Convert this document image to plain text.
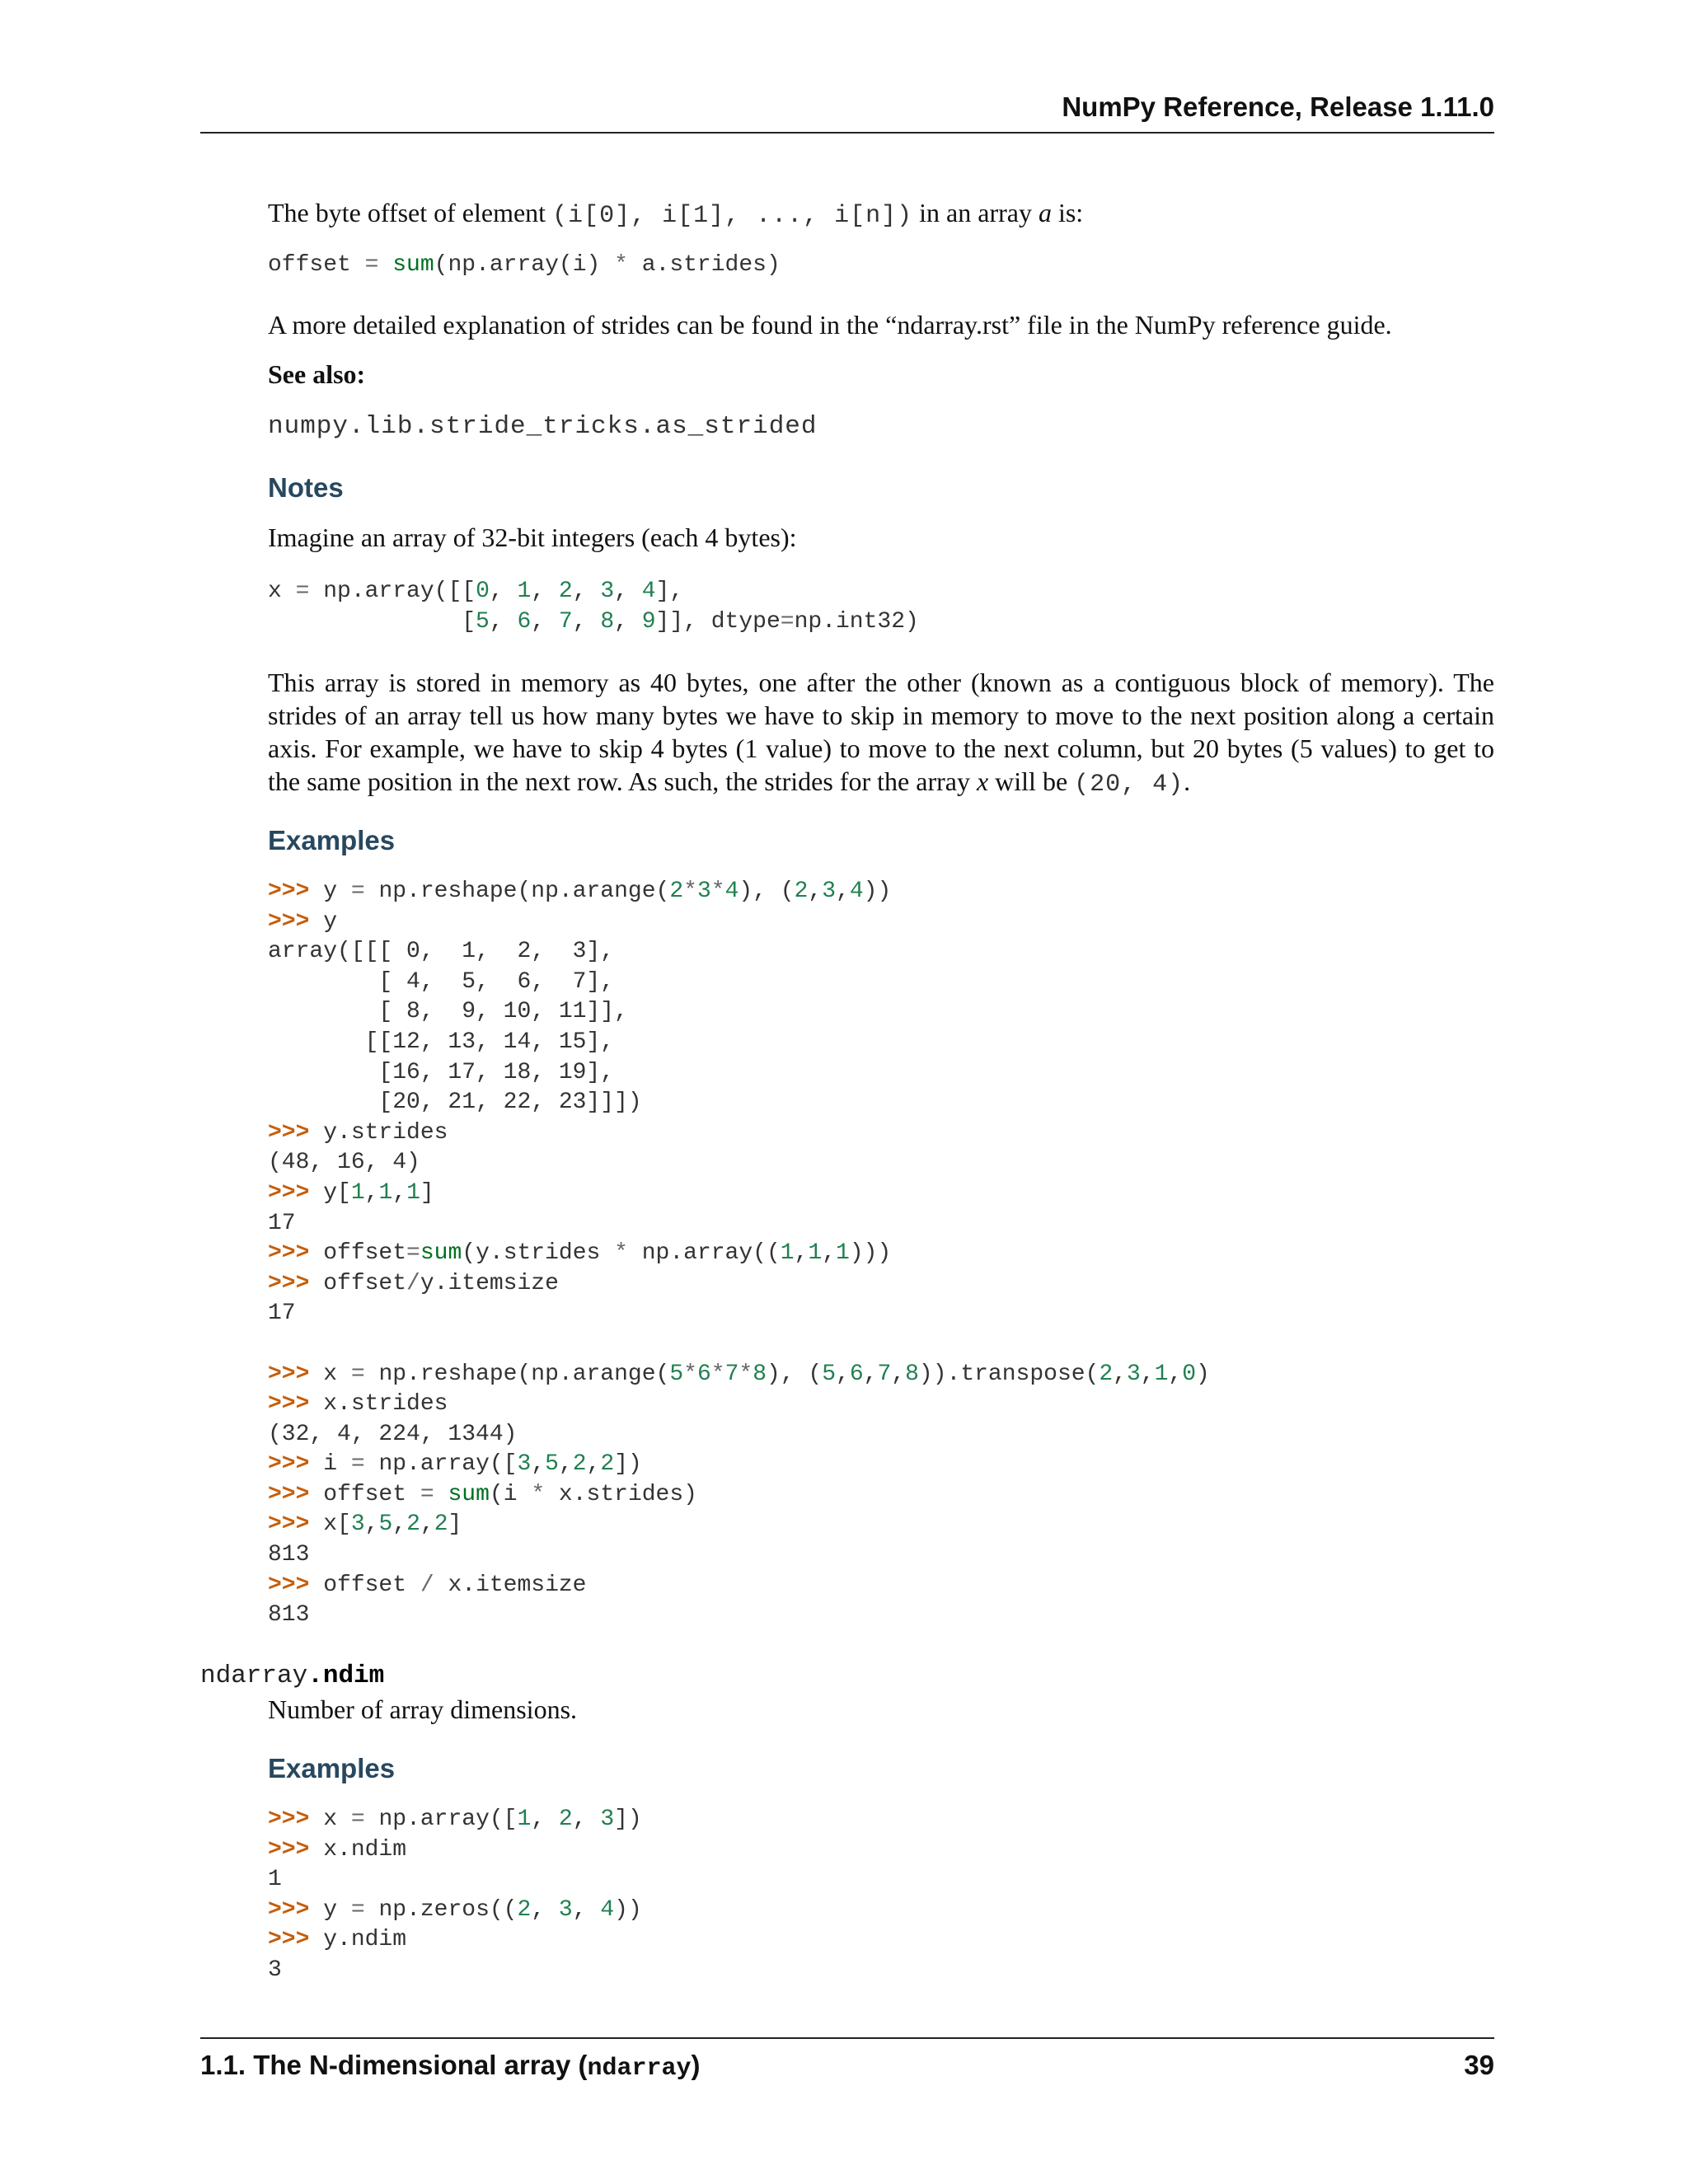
NumPy Reference, Release 1.11.0

The byte offset of element (i[0], i[1], ..., i[n]) in an array a is:

offset = sum(np.array(i) * a.strides)

A more detailed explanation of strides can be found in the “ndarray.rst” file in the NumPy reference guide.

See also:

numpy.lib.stride_tricks.as_strided

Notes

Imagine an array of 32-bit integers (each 4 bytes):

x = np.array([[0, 1, 2, 3, 4],
[5, 6, 7, 8, 9]], dtype=np.int32)

This array is stored in memory as 40 bytes, one after the other (known as a contiguous block of memory). The strides of an array tell us how many bytes we have to skip in memory to move to the next position along a certain axis. For example, we have to skip 4 bytes (1 value) to move to the next column, but 20 bytes (5 values) to get to the same position in the next row. As such, the strides for the array x will be (20, 4).

Examples
>>> y = np.reshape(np.arange(2*3*4), (2,3,4))
>>> y
array([[[ 0,  1,  2,  3],
[ 4,  5,  6,  7],
[ 8,  9, 10, 11]],
[[12, 13, 14, 15],
[16, 17, 18, 19],
[20, 21, 22, 23]]])
>>> y.strides
(48, 16, 4)
>>> y[1,1,1]
17
>>> offset=sum(y.strides * np.array((1,1,1)))
>>> offset/y.itemsize
17

>>> x = np.reshape(np.arange(5*6*7*8), (5,6,7,8)).transpose(2,3,1,0)
>>> x.strides
(32, 4, 224, 1344)
>>> i = np.array([3,5,2,2])
>>> offset = sum(i * x.strides)
>>> x[3,5,2,2]
813
>>> offset / x.itemsize
813
ndarray.ndim

Number of array dimensions.

Examples
>>> x = np.array([1, 2, 3])
>>> x.ndim
1
>>> y = np.zeros((2, 3, 4))
>>> y.ndim
3
1.1. The N-dimensional array (ndarray)	39
